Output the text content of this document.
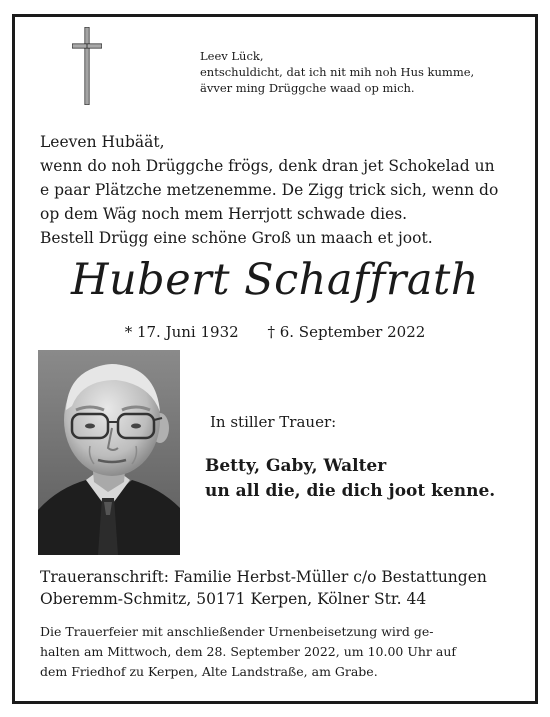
Leev Lück,
entschuldicht, dat ich nit mih noh Hus kumme,
ävver ming Drüggche waad op mich.
Leeven Hubäät,
wenn do noh Drüggche frögs, denk dran jet Schokelad un
e paar Plätzche metzenemme. De Zigg trick sich, wenn do
op dem Wäg noch mem Herrjott schwade dies.
Bestell Drügg eine schöne Groß un maach et joot.
Hubert Schaffrath
* 17. Juni 1932 † 6. September 2022
In stiller Trauer:
Betty, Gaby, Walter
un all die, die dich joot kenne.
Traueranschrift: Familie Herbst-Müller c/o Bestattungen
Oberemm-Schmitz, 50171 Kerpen, Kölner Str. 44
Die Trauerfeier mit anschließender Urnenbeisetzung wird ge-
halten am Mittwoch, dem 28. September 2022, um 10.00 Uhr auf
dem Friedhof zu Kerpen, Alte Landstraße, am Grabe.
